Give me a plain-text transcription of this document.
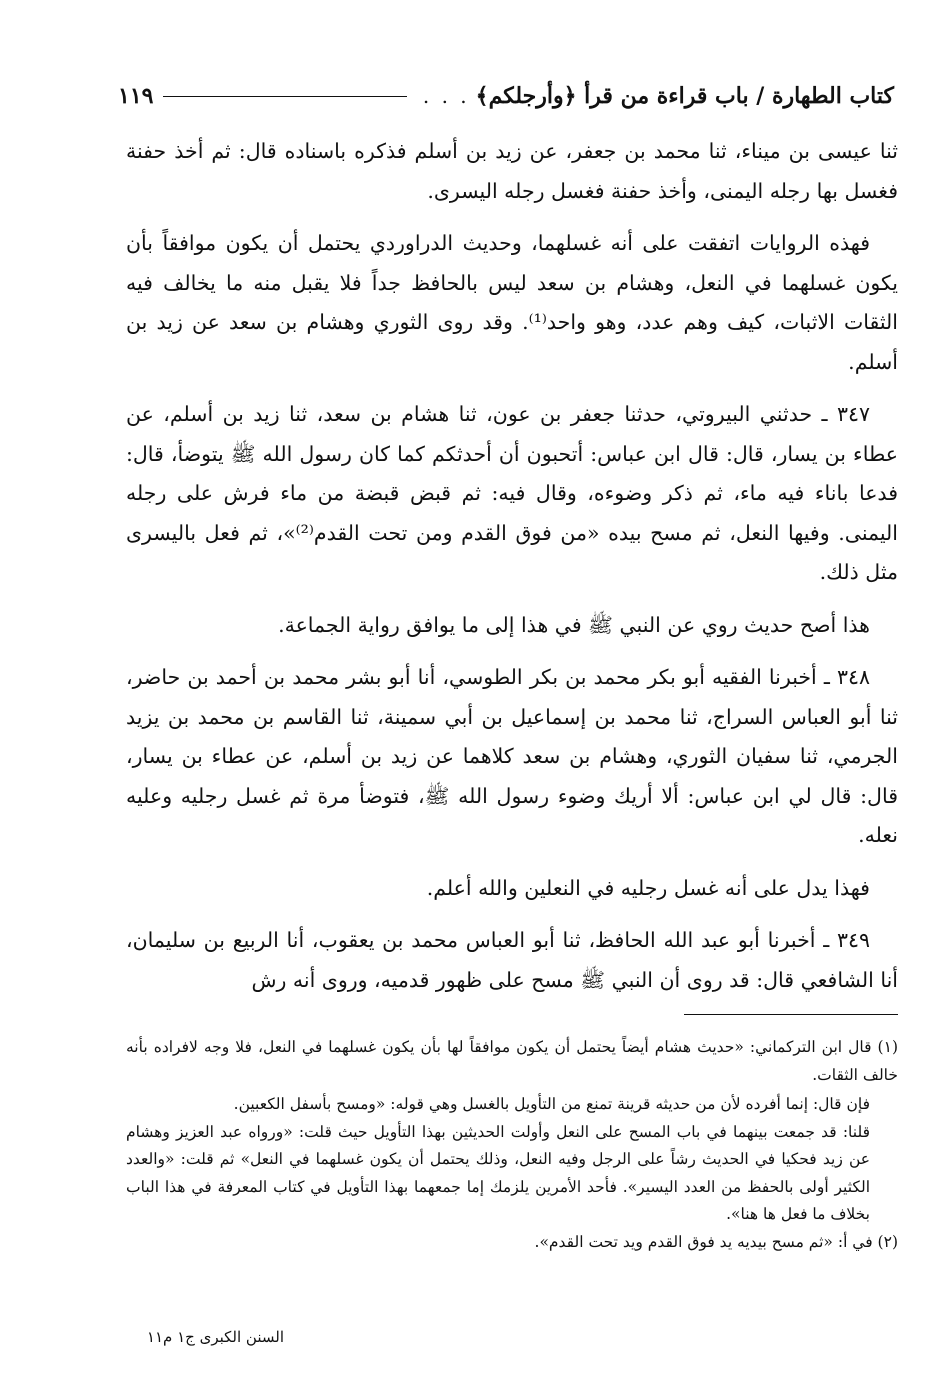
كتاب الطهارة / باب قراءة من قرأ ﴿وأرجلكم﴾
. . .
١١٩

ثنا عيسى بن ميناء، ثنا محمد بن جعفر، عن زيد بن أسلم فذكره باسناده قال: ثم أخذ حفنة فغسل بها رجله اليمنى، وأخذ حفنة فغسل رجله اليسرى.

فهذه الروايات اتفقت على أنه غسلهما، وحديث الدراوردي يحتمل أن يكون موافقاً بأن يكون غسلهما في النعل، وهشام بن سعد ليس بالحافظ جداً فلا يقبل منه ما يخالف فيه الثقات الاثبات، كيف وهم عدد، وهو واحد⁽¹⁾. وقد روى الثوري وهشام بن سعد عن زيد بن أسلم.

٣٤٧ ـ حدثني البيروتي، حدثنا جعفر بن عون، ثنا هشام بن سعد، ثنا زيد بن أسلم، عن عطاء بن يسار، قال: قال ابن عباس: أتحبون أن أحدثكم كما كان رسول الله ﷺ يتوضأ، قال: فدعا باناء فيه ماء، ثم ذكر وضوءه، وقال فيه: ثم قبض قبضة من ماء فرش على رجله اليمنى. وفيها النعل، ثم مسح بيده «من فوق القدم ومن تحت القدم⁽²⁾»، ثم فعل باليسرى مثل ذلك.

هذا أصح حديث روي عن النبي ﷺ في هذا إلى ما يوافق رواية الجماعة.

٣٤٨ ـ أخبرنا الفقيه أبو بكر محمد بن بكر الطوسي، أنا أبو بشر محمد بن أحمد بن حاضر، ثنا أبو العباس السراج، ثنا محمد بن إسماعيل بن أبي سمينة، ثنا القاسم بن محمد بن يزيد الجرمي، ثنا سفيان الثوري، وهشام بن سعد كلاهما عن زيد بن أسلم، عن عطاء بن يسار، قال: قال لي ابن عباس: ألا أريك وضوء رسول الله ﷺ، فتوضأ مرة ثم غسل رجليه وعليه نعله.

فهذا يدل على أنه غسل رجليه في النعلين والله أعلم.

٣٤٩ ـ أخبرنا أبو عبد الله الحافظ، ثنا أبو العباس محمد بن يعقوب، أنا الربيع بن سليمان، أنا الشافعي قال: قد روى أن النبي ﷺ مسح على ظهور قدميه، وروى أنه رش

(١) قال ابن التركماني: «حديث هشام أيضاً يحتمل أن يكون موافقاً لها بأن يكون غسلهما في النعل، فلا وجه لافراده بأنه خالف الثقات.

فإن قال: إنما أفرده لأن من حديثه قرينة تمنع من التأويل بالغسل وهي قوله: «ومسح بأسفل الكعبين.

قلنا: قد جمعت بينهما في باب المسح على النعل وأولت الحديثين بهذا التأويل حيث قلت: «ورواه عبد العزيز وهشام عن زيد فحكيا في الحديث رشاً على الرجل وفيه النعل، وذلك يحتمل أن يكون غسلهما في النعل» ثم قلت: «والعدد الكثير أولى بالحفظ من العدد اليسير». فأحد الأمرين يلزمك إما جمعهما بهذا التأويل في كتاب المعرفة في هذا الباب بخلاف ما فعل ها هنا».

(٢) في أ: «ثم مسح بيديه يد فوق القدم ويد تحت القدم».

السنن الكبرى ج١ م١١
